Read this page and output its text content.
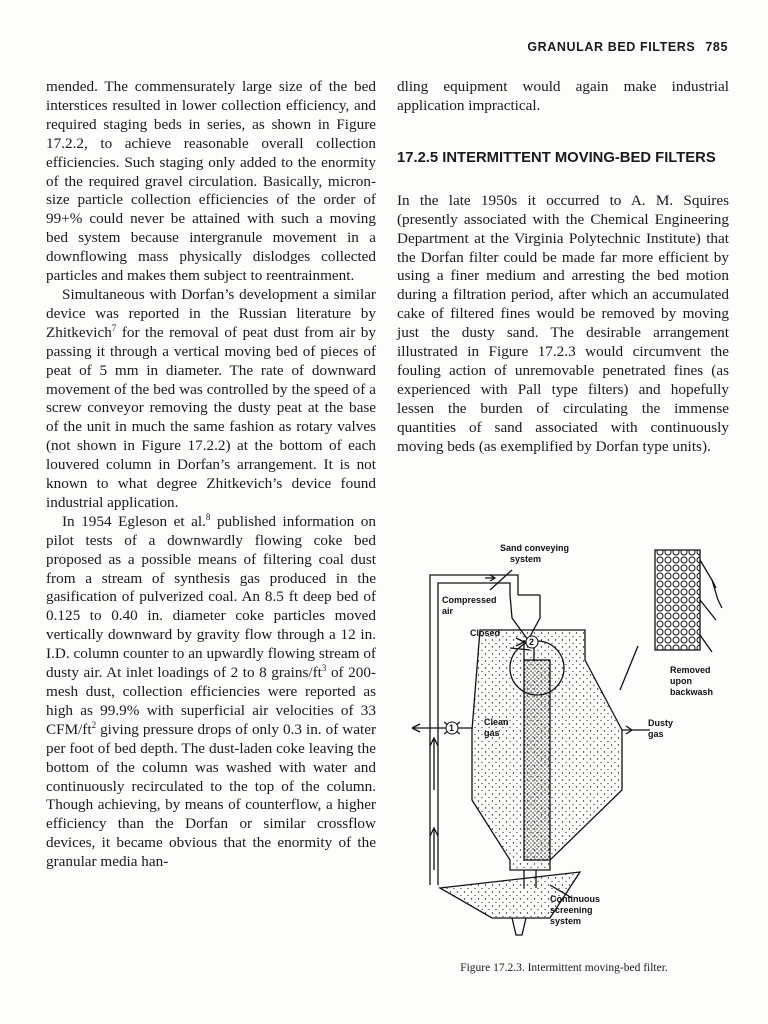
GRANULAR BED FILTERS 785

mended. The commensurately large size of the bed interstices resulted in lower collection efficiency, and required staging beds in series, as shown in Figure 17.2.2, to achieve reasonable overall collection efficiencies. Such staging only added to the enormity of the required gravel circulation. Basically, micron-size particle collection efficiencies of the order of 99+% could never be attained with such a moving bed system because intergranule movement in a downflowing mass physically dislodges collected particles and makes them subject to reentrainment.

Simultaneous with Dorfan’s development a similar device was reported in the Russian literature by Zhitkevich$^7$ for the removal of peat dust from air by passing it through a vertical moving bed of pieces of peat of 5 mm in diameter. The rate of downward movement of the bed was controlled by the speed of a screw conveyor removing the dusty peat at the base of the unit in much the same fashion as rotary valves (not shown in Figure 17.2.2) at the bottom of each louvered column in Dorfan’s arrangement. It is not known to what degree Zhitkevich’s device found industrial application.

In 1954 Egleson et al.$^8$ published information on pilot tests of a downwardly flowing coke bed proposed as a possible means of filtering coal dust from a stream of synthesis gas produced in the gasification of pulverized coal. An 8.5 ft deep bed of 0.125 to 0.40 in. diameter coke particles moved vertically downward by gravity flow through a 12 in. I.D. column counter to an upwardly flowing stream of dusty air. At inlet loadings of 2 to 8 grains/$ft^3$ of 200-mesh dust, collection efficiencies were reported as high as 99.9% with superficial air velocities of 33 CFM/$ft^2$ giving pressure drops of only 0.3 in. of water per foot of bed depth. The dust-laden coke leaving the bottom of the column was washed with water and continuously recirculated to the top of the column. Though achieving, by means of counterflow, a higher efficiency than the Dorfan or similar crossflow devices, it became obvious that the enormity of the granular media han-

dling equipment would again make industrial application impractical.

17.2.5 INTERMITTENT MOVING-BED FILTERS

In the late 1950s it occurred to A. M. Squires (presently associated with the Chemical Engineering Department at the Virginia Polytechnic Institute) that the Dorfan filter could be made far more efficient by using a finer medium and arresting the bed motion during a filtration period, after which an accumulated cake of filtered fines would be removed by moving just the dusty sand. The desirable arrangement illustrated in Figure 17.2.3 would circumvent the fouling action of unremovable penetrated fines (as experienced with Pall type filters) and hopefully lessen the burden of circulating the immense quantities of sand associated with continuously moving beds (as exemplified by Dorfan type units).

Sand conveying
system
Compressed
air
Closed
2
1
Clean
gas
Dusty
gas
Removed
upon
backwash
Continuous
screening
system
Figure 17.2.3. Intermittent moving-bed filter.
